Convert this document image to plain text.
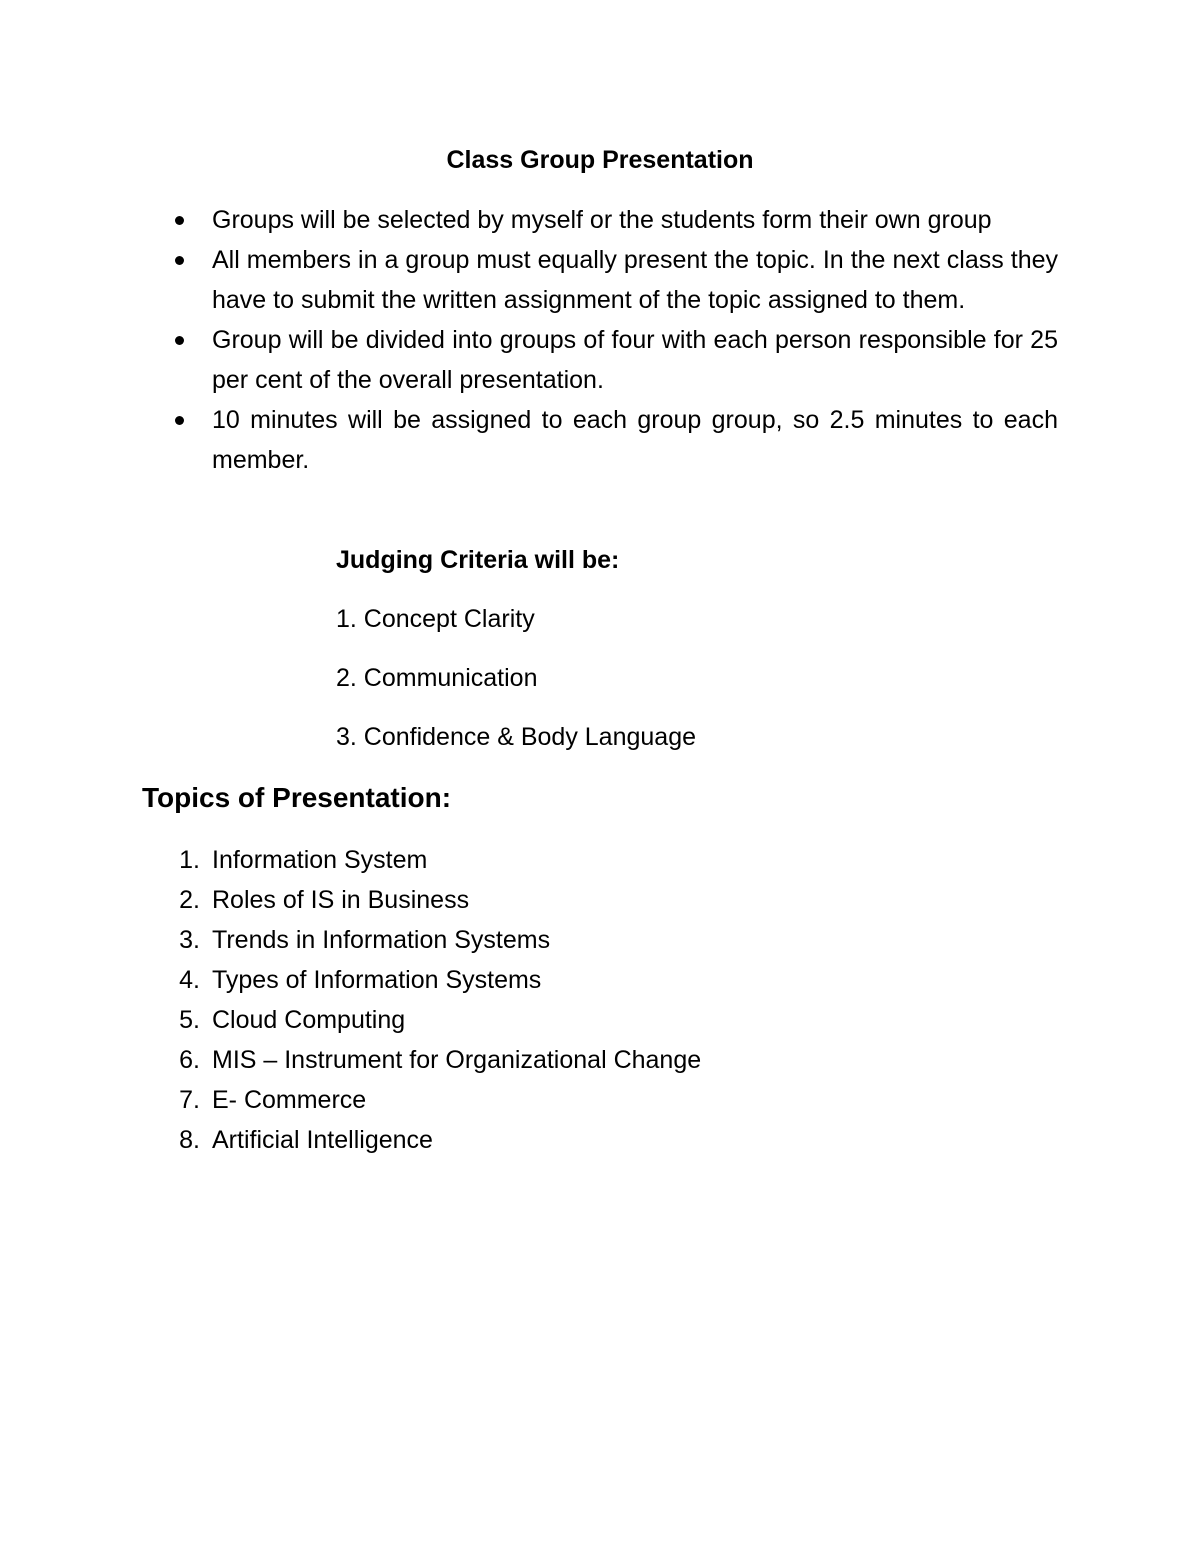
Class Group Presentation
Groups will be selected by myself or the students form their own group
All members in a group must equally present the topic. In the next class they have to submit the written assignment of the topic assigned to them.
Group will be divided into groups of four with each person responsible for 25 per cent of the overall presentation.
10 minutes will be assigned to each group group, so 2.5 minutes to each member.

Judging Criteria will be:

1. Concept Clarity

2. Communication

3. Confidence & Body Language

Topics of Presentation:
1. Information System
2. Roles of IS in Business
3. Trends in Information Systems
4. Types of Information Systems
5. Cloud Computing
6. MIS – Instrument for Organizational Change
7. E- Commerce
8. Artificial Intelligence
